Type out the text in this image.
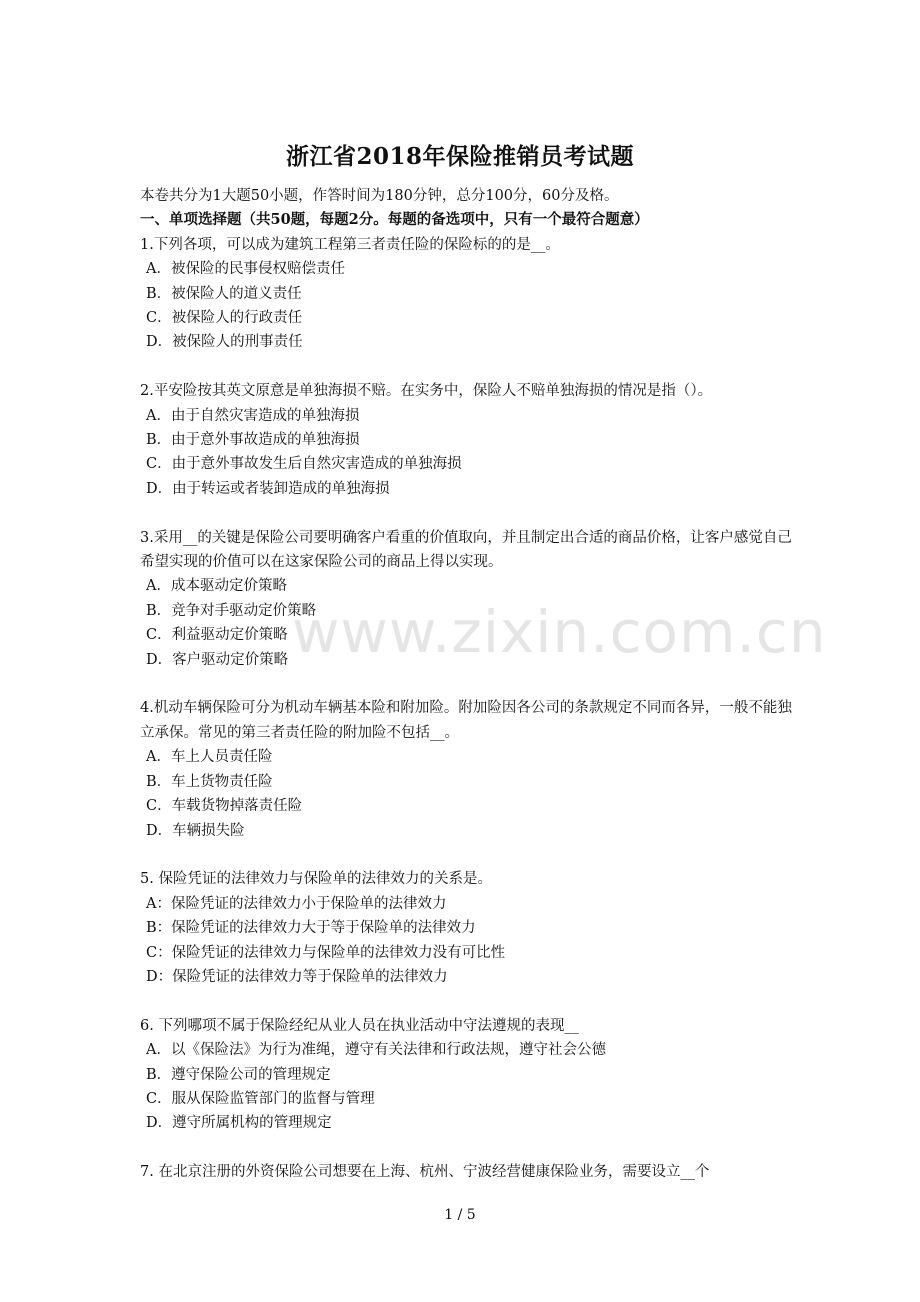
浙江省2018年保险推销员考试题
www.zixin.com.cn
本卷共分为1大题50小题，作答时间为180分钟，总分100分，60分及格。
一、单项选择题（共50题，每题2分。每题的备选项中，只有一个最符合题意）
1.下列各项，可以成为建筑工程第三者责任险的保险标的的是__。
A．被保险的民事侵权赔偿责任
B．被保险人的道义责任
C．被保险人的行政责任
D．被保险人的刑事责任
2.平安险按其英文原意是单独海损不赔。在实务中，保险人不赔单独海损的情况是指（）。
A．由于自然灾害造成的单独海损
B．由于意外事故造成的单独海损
C．由于意外事故发生后自然灾害造成的单独海损
D．由于转运或者装卸造成的单独海损
3.采用__的关键是保险公司要明确客户看重的价值取向，并且制定出合适的商品价格，让客户感觉自己希望实现的价值可以在这家保险公司的商品上得以实现。
A．成本驱动定价策略
B．竞争对手驱动定价策略
C．利益驱动定价策略
D．客户驱动定价策略
4.机动车辆保险可分为机动车辆基本险和附加险。附加险因各公司的条款规定不同而各异，一般不能独立承保。常见的第三者责任险的附加险不包括__。
A．车上人员责任险
B．车上货物责任险
C．车载货物掉落责任险
D．车辆损失险
5. 保险凭证的法律效力与保险单的法律效力的关系是。
A：保险凭证的法律效力小于保险单的法律效力
B：保险凭证的法律效力大于等于保险单的法律效力
C：保险凭证的法律效力与保险单的法律效力没有可比性
D：保险凭证的法律效力等于保险单的法律效力
6. 下列哪项不属于保险经纪从业人员在执业活动中守法遵规的表现__
A．以《保险法》为行为准绳，遵守有关法律和行政法规，遵守社会公德
B．遵守保险公司的管理规定
C．服从保险监管部门的监督与管理
D．遵守所属机构的管理规定
7. 在北京注册的外资保险公司想要在上海、杭州、宁波经营健康保险业务，需要设立__个
1 / 5
